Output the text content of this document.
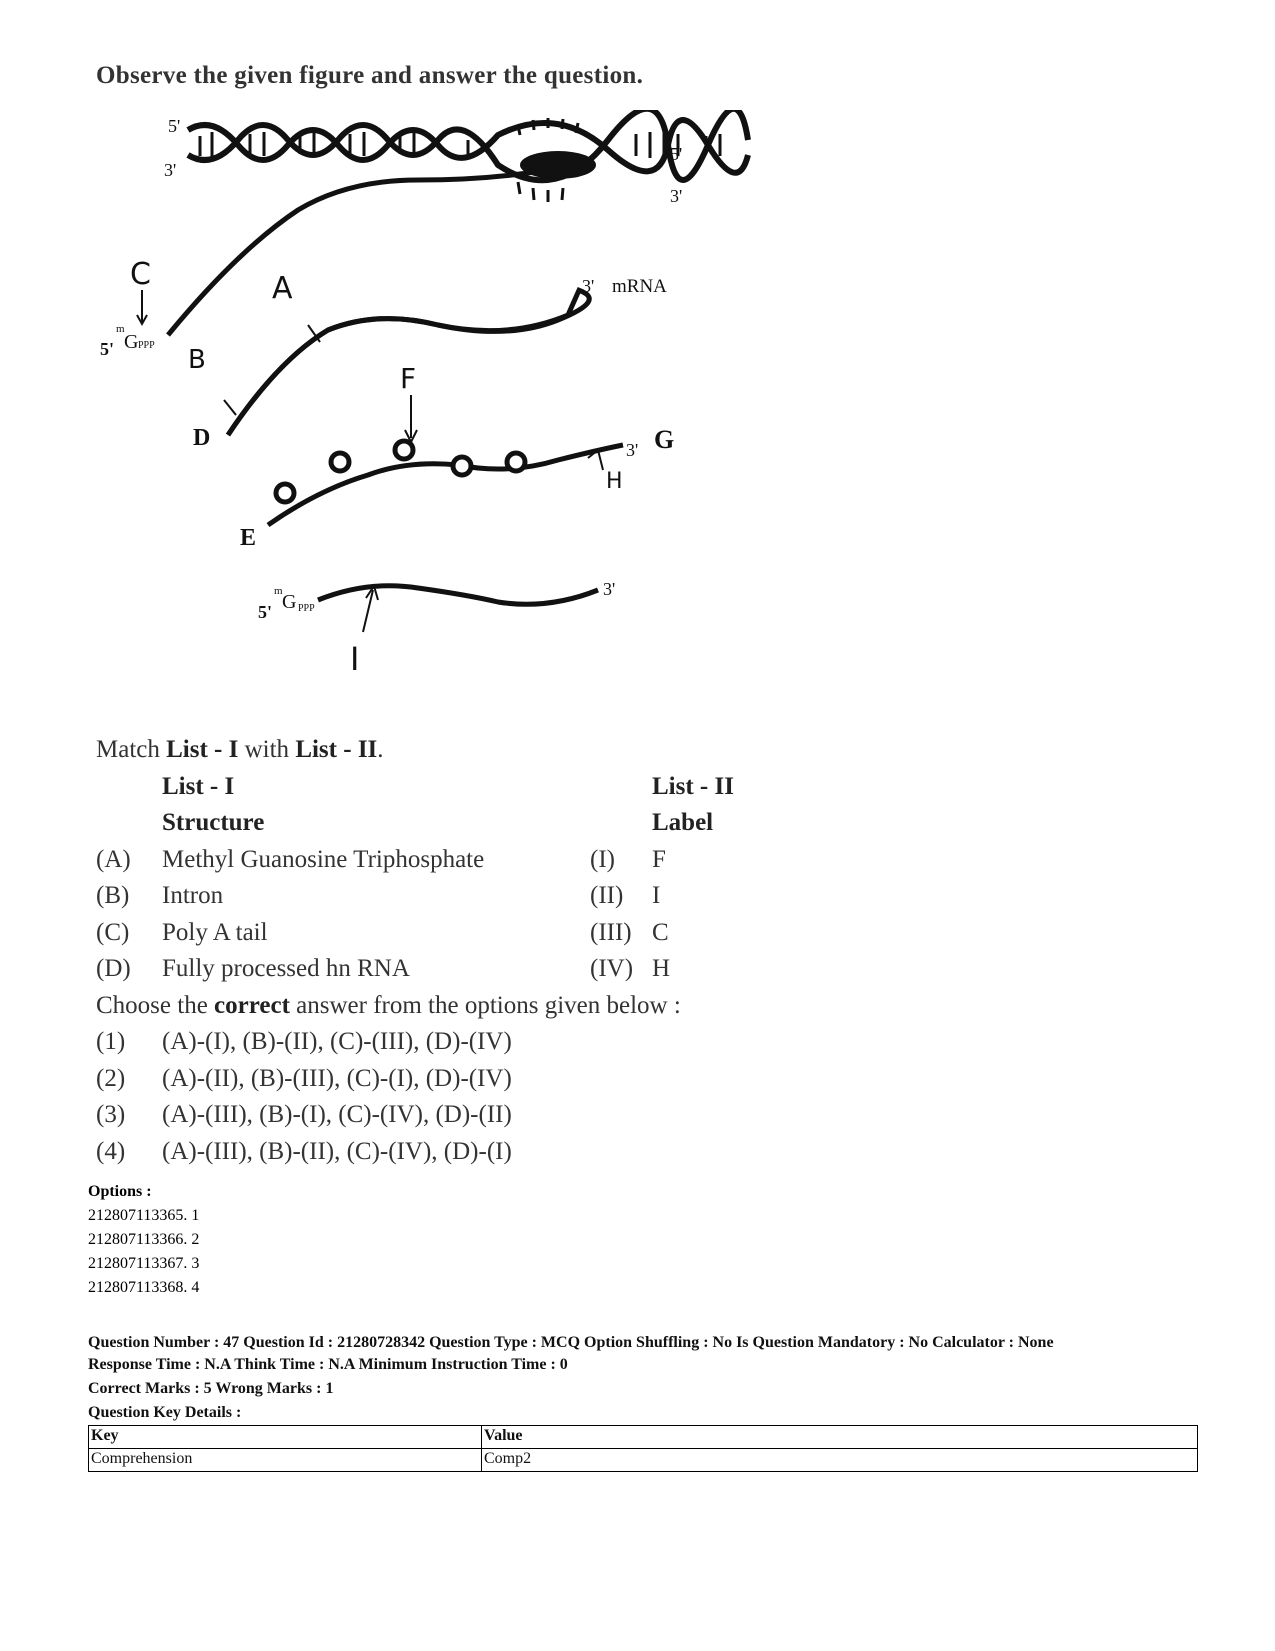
Observe the given figure and answer the question.
5'
3'
5'
3'
C	A
B
D
E
F
G
H
I
5'
m
G PPP
3' mRNA
3'
5'
m G PPP
3'
Match List - I with List - II.
List - I	List - II
Structure	Label
(A) Methyl Guanosine Triphosphate	(I) F
(B) Intron	(II) I
(C) Poly A tail	(III) C
(D) Fully processed hn RNA	(IV) H
Choose the correct answer from the options given below :
(1) (A)-(I), (B)-(II), (C)-(III), (D)-(IV)
(2) (A)-(II), (B)-(III), (C)-(I), (D)-(IV)
(3) (A)-(III), (B)-(I), (C)-(IV), (D)-(II)
(4) (A)-(III), (B)-(II), (C)-(IV), (D)-(I)
Options :
212807113365. 1
212807113366. 2
212807113367. 3
212807113368. 4
Question Number : 47 Question Id : 21280728342 Question Type : MCQ Option Shuffling : No Is Question Mandatory : No Calculator : None
Response Time : N.A Think Time : N.A Minimum Instruction Time : 0
Correct Marks : 5 Wrong Marks : 1
Question Key Details :
Key	Value
Comprehension	Comp2
